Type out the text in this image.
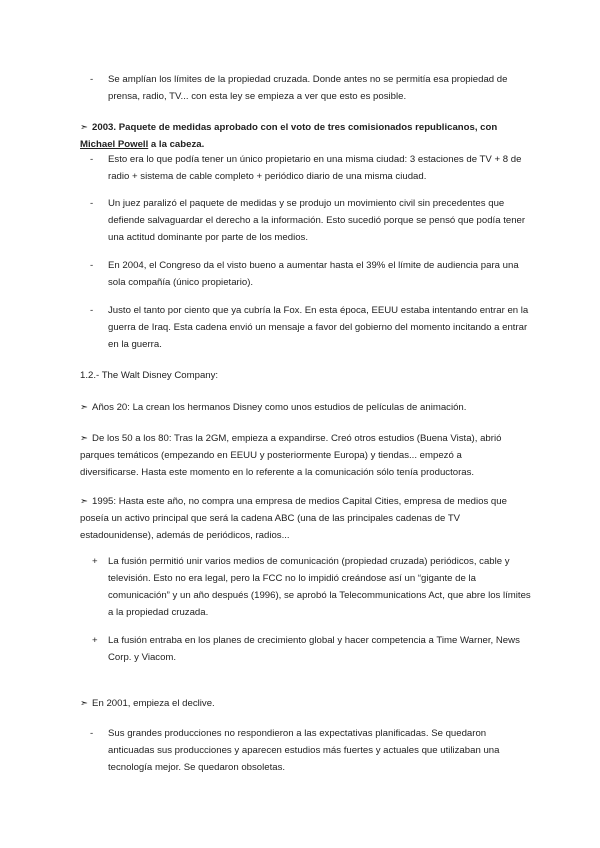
-	Se amplían los límites de la propiedad cruzada. Donde antes no se permitía esa propiedad de prensa, radio, TV... con esta ley se empieza a ver que esto es posible.
➣ 2003. Paquete de medidas aprobado con el voto de tres comisionados republicanos, con
Michael Powell a la cabeza.
-	Esto era lo que podía tener un único propietario en una misma ciudad: 3 estaciones de TV + 8 de radio + sistema de cable completo + periódico diario de una misma ciudad.
-	Un juez paralizó el paquete de medidas y se produjo un movimiento civil sin precedentes que defiende salvaguardar el derecho a la información. Esto sucedió porque se pensó que podía tener una actitud dominante por parte de los medios.
-	En 2004, el Congreso da el visto bueno a aumentar hasta el 39% el límite de audiencia para una sola compañía (único propietario).
-	Justo el tanto por ciento que ya cubría la Fox. En esta época, EEUU estaba intentando entrar en la guerra de Iraq. Esta cadena envió un mensaje a favor del gobierno del momento incitando a entrar en la guerra.
1.2.- The Walt Disney Company:
➣ Años 20: La crean los hermanos Disney como unos estudios de películas de animación.
➣ De los 50 a los 80: Tras la 2GM, empieza a expandirse. Creó otros estudios (Buena Vista), abrió parques temáticos (empezando en EEUU y posteriormente Europa) y tiendas... empezó a diversificarse. Hasta este momento en lo referente a la comunicación sólo tenía productoras.
➣ 1995: Hasta este año, no compra una empresa de medios Capital Cities, empresa de medios que poseía un activo principal que será la cadena ABC (una de las principales cadenas de TV estadounidense), además de periódicos, radios...
+	La fusión permitió unir varios medios de comunicación (propiedad cruzada) periódicos, cable y televisión. Esto no era legal, pero la FCC no lo impidió creándose así un “gigante de la comunicación” y un año después (1996), se aprobó la Telecommunications Act, que abre los límites a la propiedad cruzada.
+	La fusión entraba en los planes de crecimiento global y hacer competencia a Time Warner, News Corp. y Viacom.
➣ En 2001, empieza el declive.
-	Sus grandes producciones no respondieron a las expectativas planificadas. Se quedaron anticuadas sus producciones y aparecen estudios más fuertes y actuales que utilizaban una tecnología mejor. Se quedaron obsoletas.
